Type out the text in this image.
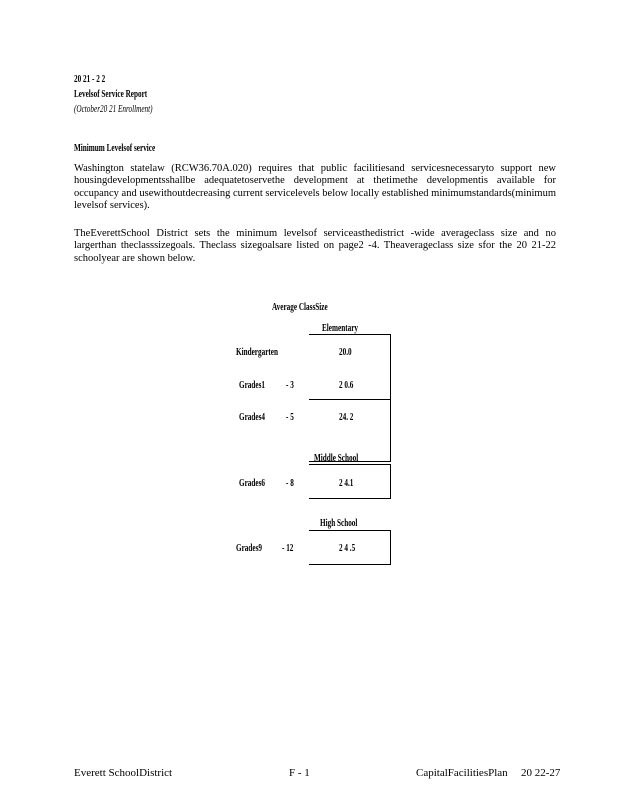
20 21 - 2 2
Levelsof Service Report
(October20 21 Enrollment)
Minimum Levelsof service
Washington statelaw (RCW36.70A.020) requires that public facilitiesand servicesnecessaryto support new housingdevelopmentsshallbe adequatetoservethe development at thetimethe developmentis available for occupancy and usewithoutdecreasing current servicelevels below locally established minimumstandards(minimum levelsof services).
TheEverettSchool District sets the minimum levelsof serviceasthedistrict -wide averageclass size and no largerthan theclasssizegoals. Theclass sizegoalsare listed on page2 -4. Theaverageclass size sfor the 20 21-22 schoolyear are shown below.
Average ClassSize
Elementary
Kindergarten	20.0
Grades1 - 3	2 0.6
Grades4 - 5	24. 2
Middle School
Grades6 - 8	2 4.1
High School
Grades9 - 12	2 4 .5
Everett SchoolDistrict	F - 1	CapitalFacilitiesPlan 20 22-27
